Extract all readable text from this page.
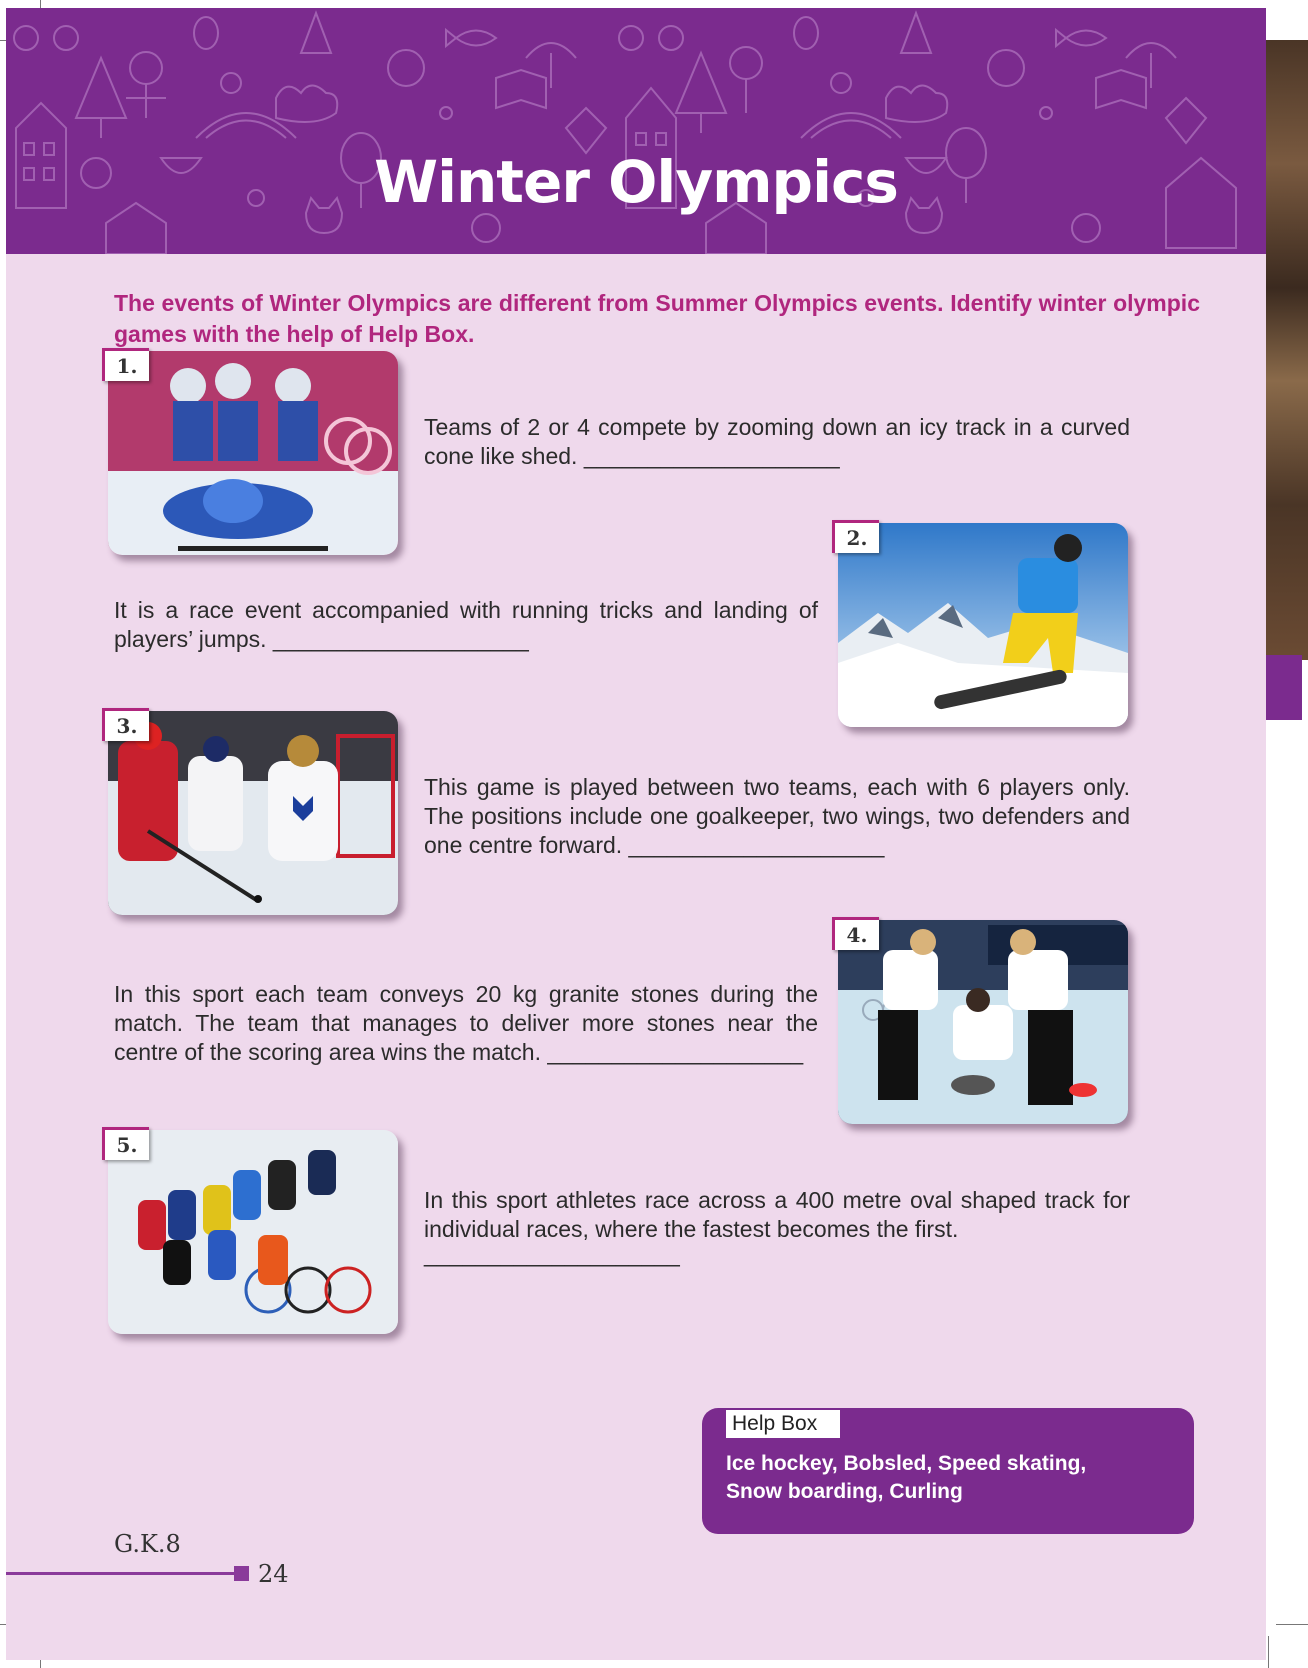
Winter Olympics
The events of Winter Olympics are different from Summer Olympics events. Identify winter olympic games with the help of Help Box.
1.
Teams of 2 or 4 compete by zooming down an icy track in a curved cone like shed. ____________________
2.
It is a race event accompanied with running tricks and landing of players’ jumps. ____________________
3.
This game is played between two teams, each with 6 players only. The positions include one goalkeeper, two wings, two defenders and one centre forward. ____________________
4.
In this sport each team conveys 20 kg granite stones during the match. The team that manages to deliver more stones near the centre of the scoring area wins the match. ____________________
5.
In this sport athletes race across a 400 metre oval shaped track for individual races, where the fastest becomes the first.
____________________
Help Box
Ice hockey, Bobsled, Speed skating, Snow boarding, Curling
G.K.8
24
